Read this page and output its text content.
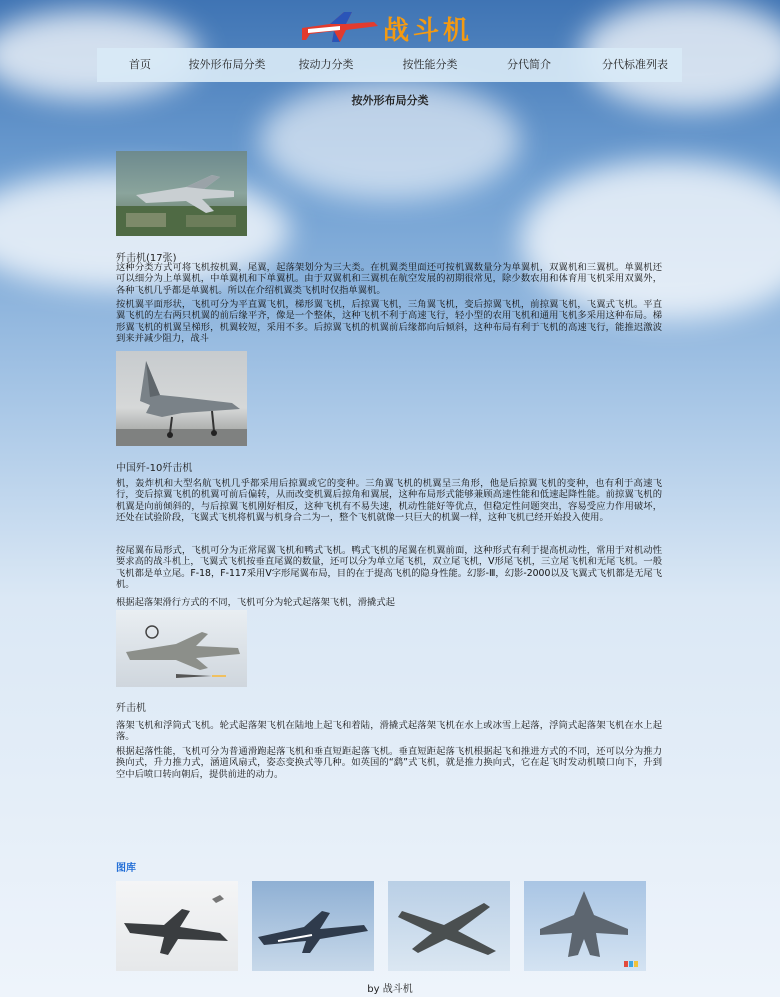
战斗机
首页	按外形布局分类	按动力分类	按性能分类	分代简介	分代标准列表
按外形布局分类
歼击机(17张)

这种分类方式可将飞机按机翼，尾翼，起落架划分为三大类。在机翼类里面还可按机翼数量分为单翼机，双翼机和三翼机。单翼机还可以细分为上单翼机，中单翼机和下单翼机。由于双翼机和三翼机在航空发展的初期很常见，除少数农用和体育用飞机采用双翼外，各种飞机几乎都是单翼机。所以在介绍机翼类飞机时仅指单翼机。

按机翼平面形状，飞机可分为平直翼飞机，梯形翼飞机，后掠翼飞机，三角翼飞机，变后掠翼飞机，前掠翼飞机，飞翼式飞机。平直翼飞机的左右两只机翼的前后缘平齐，像是一个整体，这种飞机不利于高速飞行，轻小型的农用飞机和通用飞机多采用这种布局。梯形翼飞机的机翼呈梯形，机翼较短，采用不多。后掠翼飞机的机翼前后缘都向后倾斜，这种布局有利于飞机的高速飞行，能推迟激波到来并减少阻力，战斗

中国歼-10歼击机

机，轰炸机和大型名航飞机几乎都采用后掠翼或它的变种。三角翼飞机的机翼呈三角形，他是后掠翼飞机的变种，也有利于高速飞行，变后掠翼飞机的机翼可前后偏转，从而改变机翼后掠角和翼展，这种布局形式能够兼顾高速性能和低速起降性能。前掠翼飞机的机翼是向前倾斜的，与后掠翼飞机刚好相反，这种飞机有不易失速，机动性能好等优点，但稳定性问题突出，容易受应力作用破坏，还处在试验阶段，飞翼式飞机将机翼与机身合二为一，整个飞机就像一只巨大的机翼一样，这种飞机已经开始投入使用。

按尾翼布局形式，飞机可分为正常尾翼飞机和鸭式飞机。鸭式飞机的尾翼在机翼前面，这种形式有利于提高机动性，常用于对机动性要求高的战斗机上，飞翼式飞机按垂直尾翼的数量，还可以分为单立尾飞机，双立尾飞机，V形尾飞机，三立尾飞机和无尾飞机。一般飞机都是单立尾。F-18，F-117采用V字形尾翼布局，目的在于提高飞机的隐身性能。幻影-Ⅲ，幻影-2000以及飞翼式飞机都是无尾飞机。

根据起落架滑行方式的不同，飞机可分为轮式起落架飞机，滑撬式起

歼击机

落架飞机和浮筒式飞机。轮式起落架飞机在陆地上起飞和着陆，滑撬式起落架飞机在水上或冰雪上起落，浮筒式起落架飞机在水上起落。

根据起落性能，飞机可分为普通滑跑起落飞机和垂直短距起落飞机。垂直短距起落飞机根据起飞和推进方式的不同，还可以分为推力换向式，升力推力式，涵道风扇式，姿态变换式等几种。如英国的“鹞”式飞机，就是推力换向式，它在起飞时发动机喷口向下，升到空中后喷口转向朝后，提供前进的动力。

图库
by 战斗机
